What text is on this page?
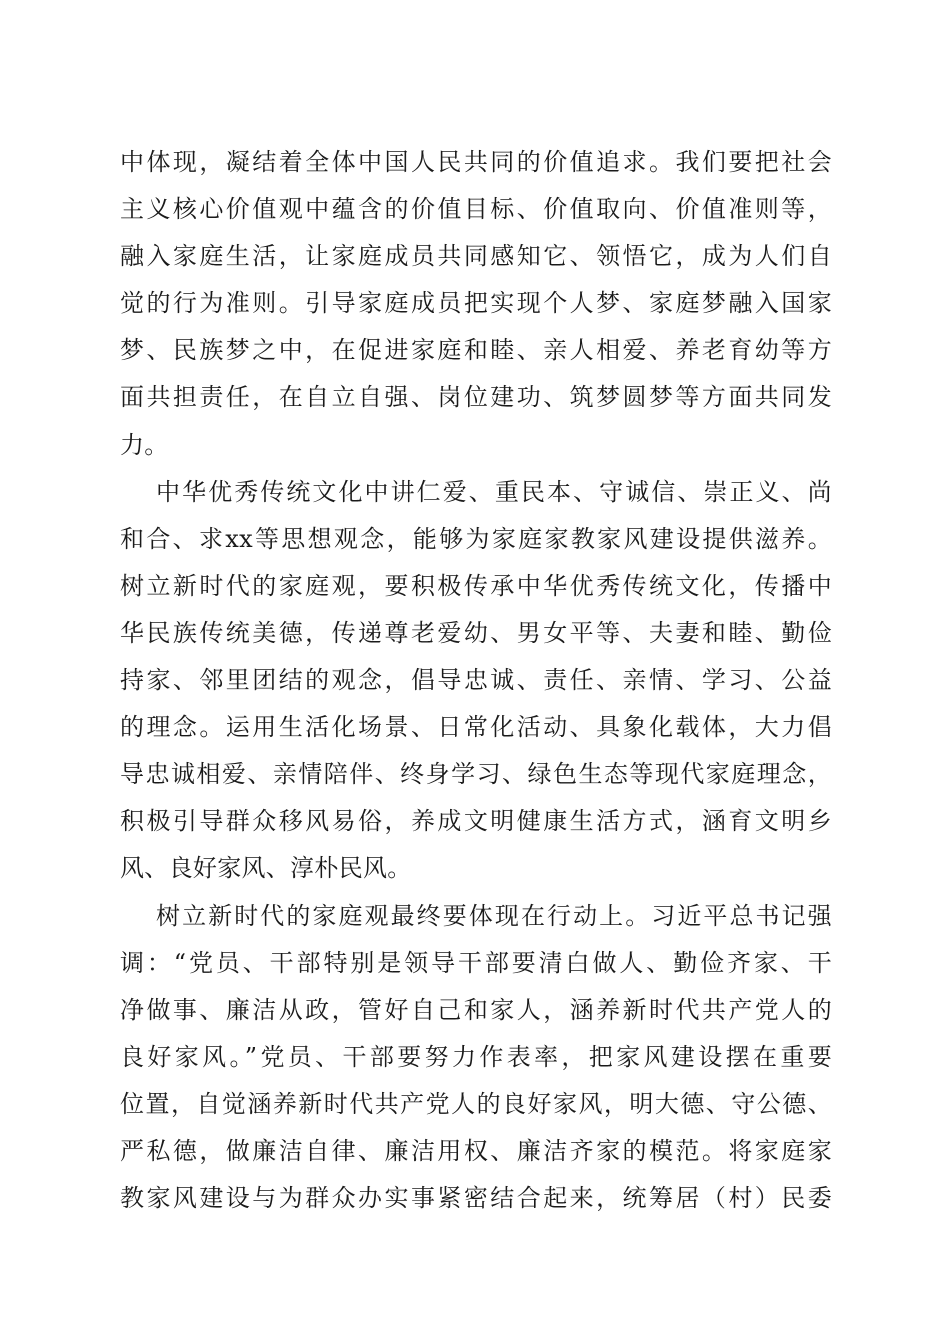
中体现，凝结着全体中国人民共同的价值追求。我们要把社会
主义核心价值观中蕴含的价值目标、价值取向、价值准则等，
融入家庭生活，让家庭成员共同感知它、领悟它，成为人们自
觉的行为准则。引导家庭成员把实现个人梦、家庭梦融入国家
梦、民族梦之中，在促进家庭和睦、亲人相爱、养老育幼等方
面共担责任，在自立自强、岗位建功、筑梦圆梦等方面共同发
力。
中华优秀传统文化中讲仁爱、重民本、守诚信、崇正义、尚
和合、求xx等思想观念，能够为家庭家教家风建设提供滋养。
树立新时代的家庭观，要积极传承中华优秀传统文化，传播中
华民族传统美德，传递尊老爱幼、男女平等、夫妻和睦、勤俭
持家、邻里团结的观念，倡导忠诚、责任、亲情、学习、公益
的理念。运用生活化场景、日常化活动、具象化载体，大力倡
导忠诚相爱、亲情陪伴、终身学习、绿色生态等现代家庭理念，
积极引导群众移风易俗，养成文明健康生活方式，涵育文明乡
风、良好家风、淳朴民风。
树立新时代的家庭观最终要体现在行动上。习近平总书记强
调：“党员、干部特别是领导干部要清白做人、勤俭齐家、干
净做事、廉洁从政，管好自己和家人，涵养新时代共产党人的
良好家风。”党员、干部要努力作表率，把家风建设摆在重要
位置，自觉涵养新时代共产党人的良好家风，明大德、守公德、
严私德，做廉洁自律、廉洁用权、廉洁齐家的模范。将家庭家
教家风建设与为群众办实事紧密结合起来，统筹居（村）民委
